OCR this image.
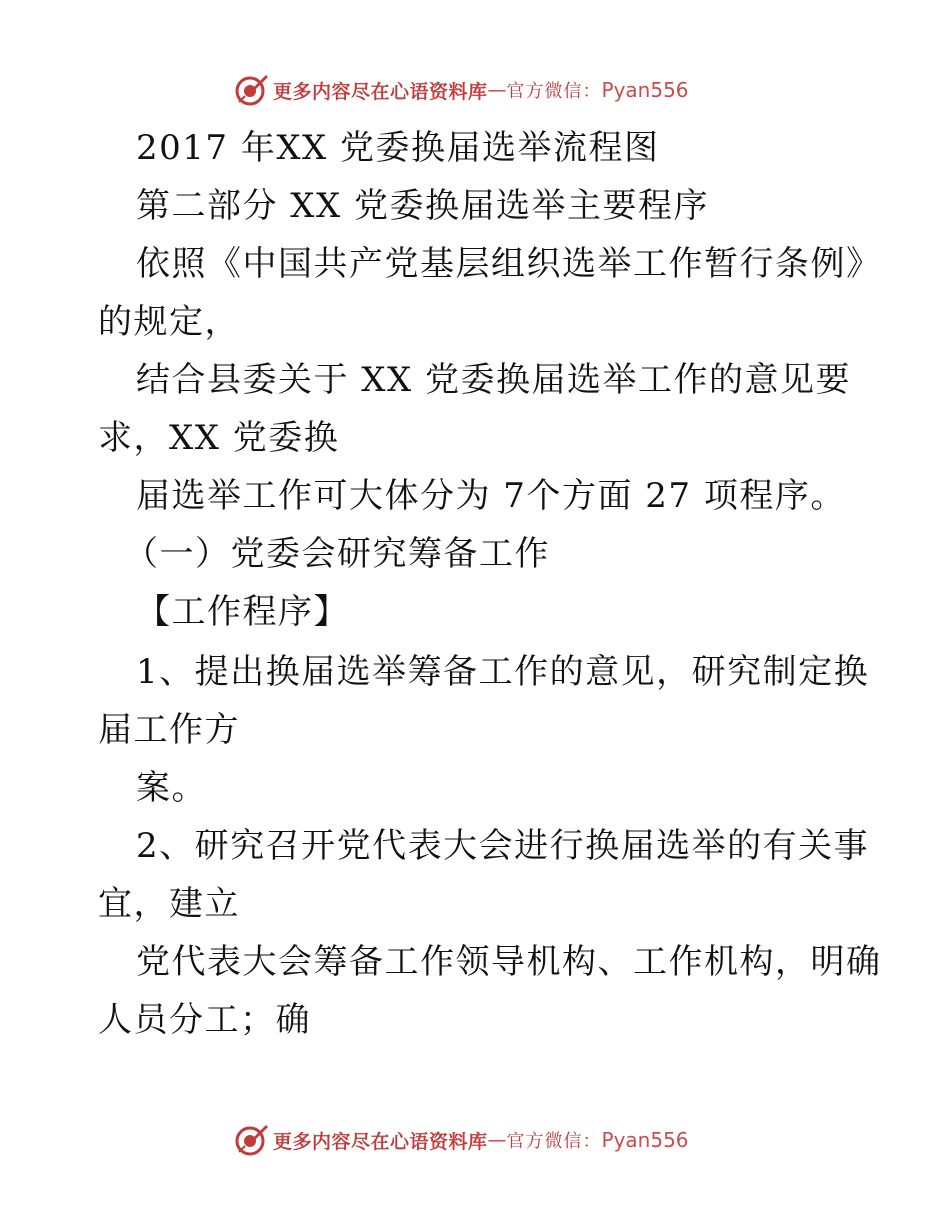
更多内容尽在心语资料库 — 官方微信： Pyan556
2017 年XX 党委换届选举流程图
第二部分 XX 党委换届选举主要程序
依照《中国共产党基层组织选举工作暂行条例》
的规定，
结合县委关于 XX 党委换届选举工作的意见要
求，XX 党委换
届选举工作可大体分为 7个方面 27 项程序。
（一）党委会研究筹备工作
【工作程序】
1、提出换届选举筹备工作的意见，研究制定换
届工作方
案。
2、研究召开党代表大会进行换届选举的有关事
宜，建立
党代表大会筹备工作领导机构、工作机构，明确
人员分工；确
更多内容尽在心语资料库 — 官方微信： Pyan556
